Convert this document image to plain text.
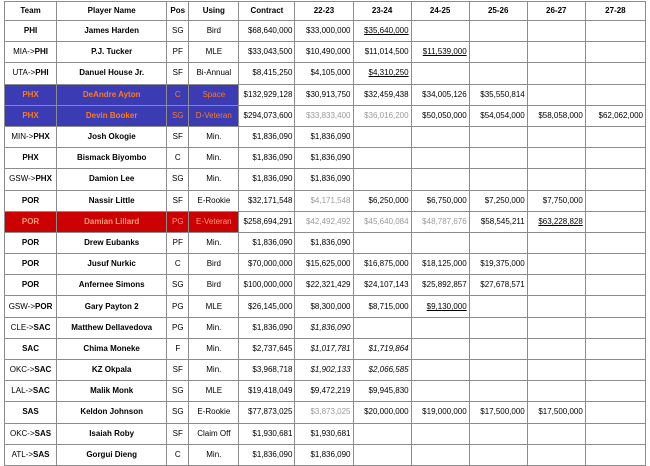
Team	Player Name	Pos	Using	Contract	22-23	23-24	24-25	25-26	26-27	27-28
PHI	James Harden	SG	Bird	$68,640,000	$33,000,000	$35,640,000				
MIA->PHI	P.J. Tucker	PF	MLE	$33,043,500	$10,490,000	$11,014,500	$11,539,000			
UTA->PHI	Danuel House Jr.	SF	Bi-Annual	$8,415,250	$4,105,000	$4,310,250				
PHX	DeAndre Ayton	C	Space	$132,929,128	$30,913,750	$32,459,438	$34,005,126	$35,550,814		
PHX	Devin Booker	SG	D-Veteran	$294,073,600	$33,833,400	$36,016,200	$50,050,000	$54,054,000	$58,058,000	$62,062,000
MIN->PHX	Josh Okogie	SF	Min.	$1,836,090	$1,836,090					
PHX	Bismack Biyombo	C	Min.	$1,836,090	$1,836,090					
GSW->PHX	Damion Lee	SG	Min.	$1,836,090	$1,836,090					
POR	Nassir Little	SF	E-Rookie	$32,171,548	$4,171,548	$6,250,000	$6,750,000	$7,250,000	$7,750,000	
POR	Damian Lillard	PG	E-Veteran	$258,694,291	$42,492,492	$45,640,084	$48,787,676	$58,545,211	$63,228,828	
POR	Drew Eubanks	PF	Min.	$1,836,090	$1,836,090					
POR	Jusuf Nurkic	C	Bird	$70,000,000	$15,625,000	$16,875,000	$18,125,000	$19,375,000		
POR	Anfernee Simons	SG	Bird	$100,000,000	$22,321,429	$24,107,143	$25,892,857	$27,678,571		
GSW->POR	Gary Payton 2	PG	MLE	$26,145,000	$8,300,000	$8,715,000	$9,130,000			
CLE->SAC	Matthew Dellavedova	PG	Min.	$1,836,090	$1,836,090					
SAC	Chima Moneke	F	Min.	$2,737,645	$1,017,781	$1,719,864				
OKC->SAC	KZ Okpala	SF	Min.	$3,968,718	$1,902,133	$2,066,585				
LAL->SAC	Malik Monk	SG	MLE	$19,418,049	$9,472,219	$9,945,830				
SAS	Keldon Johnson	SG	E-Rookie	$77,873,025	$3,873,025	$20,000,000	$19,000,000	$17,500,000	$17,500,000	
OKC->SAS	Isaiah Roby	SF	Claim Off	$1,930,681	$1,930,681					
ATL->SAS	Gorgui Dieng	C	Min.	$1,836,090	$1,836,090					
